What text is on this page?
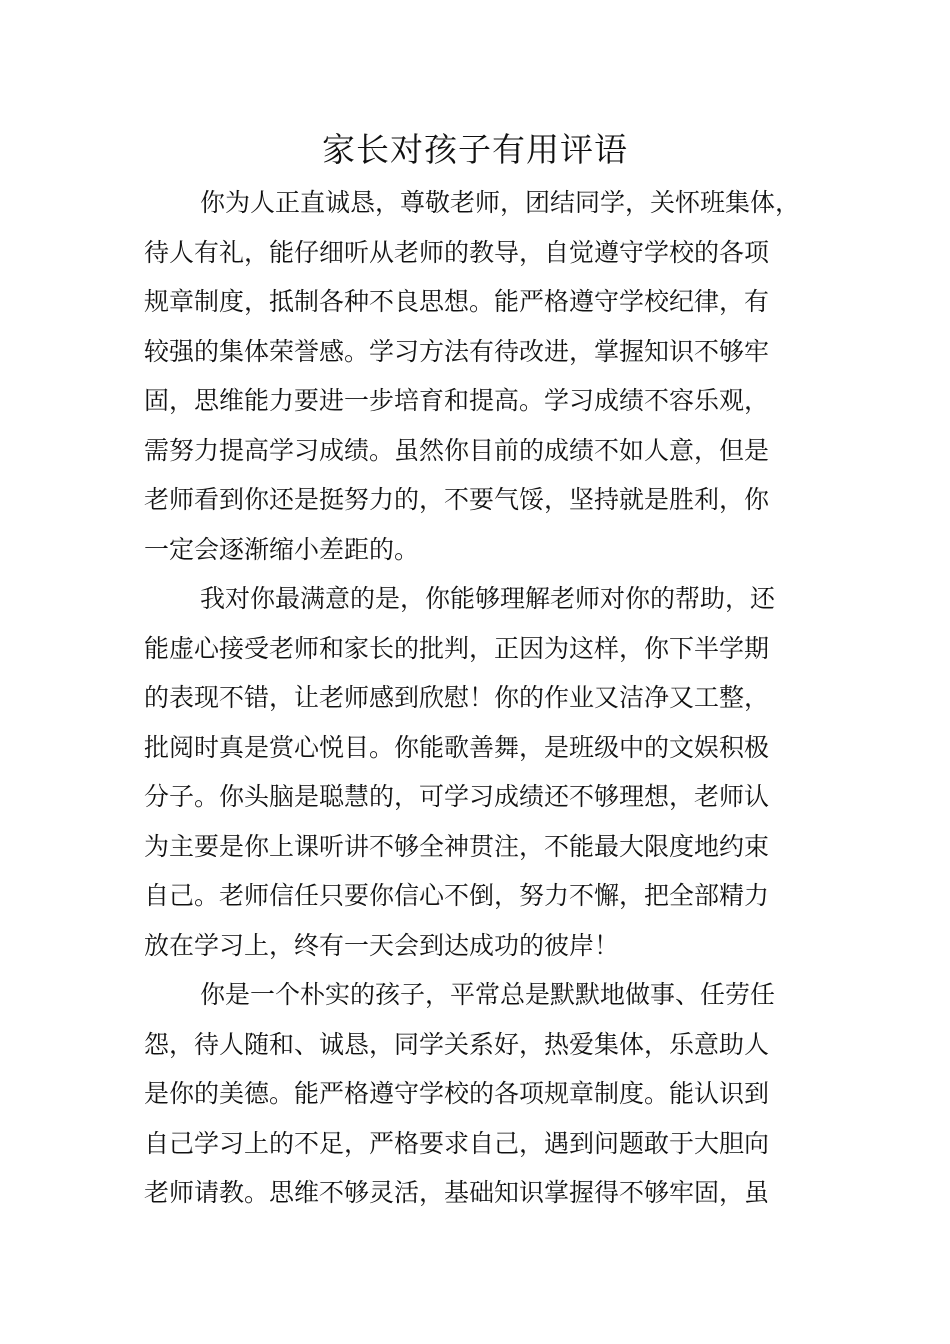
家长对孩子有用评语
你为人正直诚恳，尊敬老师，团结同学，关怀班集体，
待人有礼，能仔细听从老师的教导，自觉遵守学校的各项
规章制度，抵制各种不良思想。能严格遵守学校纪律，有
较强的集体荣誉感。学习方法有待改进，掌握知识不够牢
固，思维能力要进一步培育和提高。学习成绩不容乐观，
需努力提高学习成绩。虽然你目前的成绩不如人意，但是
老师看到你还是挺努力的，不要气馁，坚持就是胜利，你
一定会逐渐缩小差距的。
我对你最满意的是，你能够理解老师对你的帮助，还
能虚心接受老师和家长的批判，正因为这样，你下半学期
的表现不错，让老师感到欣慰！你的作业又洁净又工整，
批阅时真是赏心悦目。你能歌善舞，是班级中的文娱积极
分子。你头脑是聪慧的，可学习成绩还不够理想，老师认
为主要是你上课听讲不够全神贯注，不能最大限度地约束
自己。老师信任只要你信心不倒，努力不懈，把全部精力
放在学习上，终有一天会到达成功的彼岸！
你是一个朴实的孩子，平常总是默默地做事、任劳任
怨，待人随和、诚恳，同学关系好，热爱集体，乐意助人
是你的美德。能严格遵守学校的各项规章制度。能认识到
自己学习上的不足，严格要求自己，遇到问题敢于大胆向
老师请教。思维不够灵活，基础知识掌握得不够牢固，虽
